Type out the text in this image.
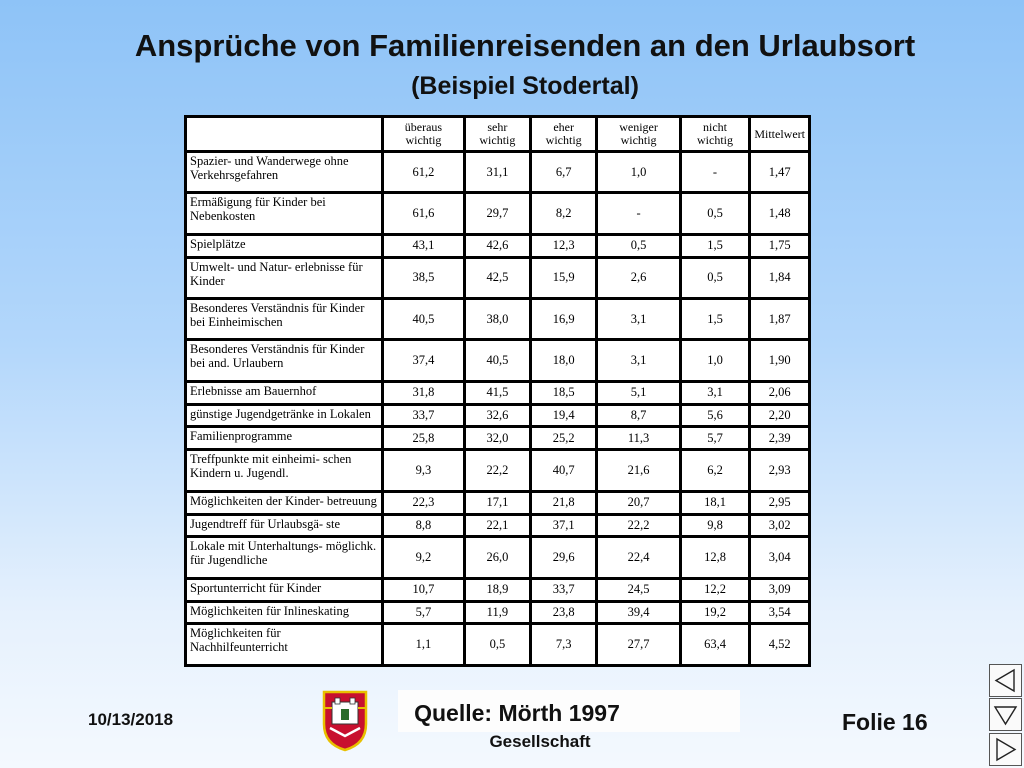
Ansprüche von Familienreisenden an den Urlaubsort
(Beispiel Stodertal)
	überaus wichtig	sehr wichtig	eher wichtig	weniger wichtig	nicht wichtig	Mittelwert
Spazier- und Wanderwege ohne Verkehrsgefahren	61,2	31,1	6,7	1,0	-	1,47
Ermäßigung für Kinder bei Nebenkosten	61,6	29,7	8,2	-	0,5	1,48
Spielplätze	43,1	42,6	12,3	0,5	1,5	1,75
Umwelt- und Natur- erlebnisse für Kinder	38,5	42,5	15,9	2,6	0,5	1,84
Besonderes Verständnis für Kinder bei Einheimischen	40,5	38,0	16,9	3,1	1,5	1,87
Besonderes Verständnis für Kinder bei and. Urlaubern	37,4	40,5	18,0	3,1	1,0	1,90
Erlebnisse am Bauernhof	31,8	41,5	18,5	5,1	3,1	2,06
günstige Jugendgetränke in Lokalen	33,7	32,6	19,4	8,7	5,6	2,20
Familienprogramme	25,8	32,0	25,2	11,3	5,7	2,39
Treffpunkte mit einheimi- schen Kindern u. Jugendl.	9,3	22,2	40,7	21,6	6,2	2,93
Möglichkeiten der Kinder- betreuung	22,3	17,1	21,8	20,7	18,1	2,95
Jugendtreff für Urlaubsgä- ste	8,8	22,1	37,1	22,2	9,8	3,02
Lokale mit Unterhaltungs- möglichk. für Jugendliche	9,2	26,0	29,6	22,4	12,8	3,04
Sportunterricht für Kinder	10,7	18,9	33,7	24,5	12,2	3,09
Möglichkeiten für Inlineskating	5,7	11,9	23,8	39,4	19,2	3,54
Möglichkeiten für Nachhilfeunterricht	1,1	0,5	7,3	27,7	63,4	4,52
10/13/2018	Quelle: Mörth 1997
Gesellschaft
Folie 16
